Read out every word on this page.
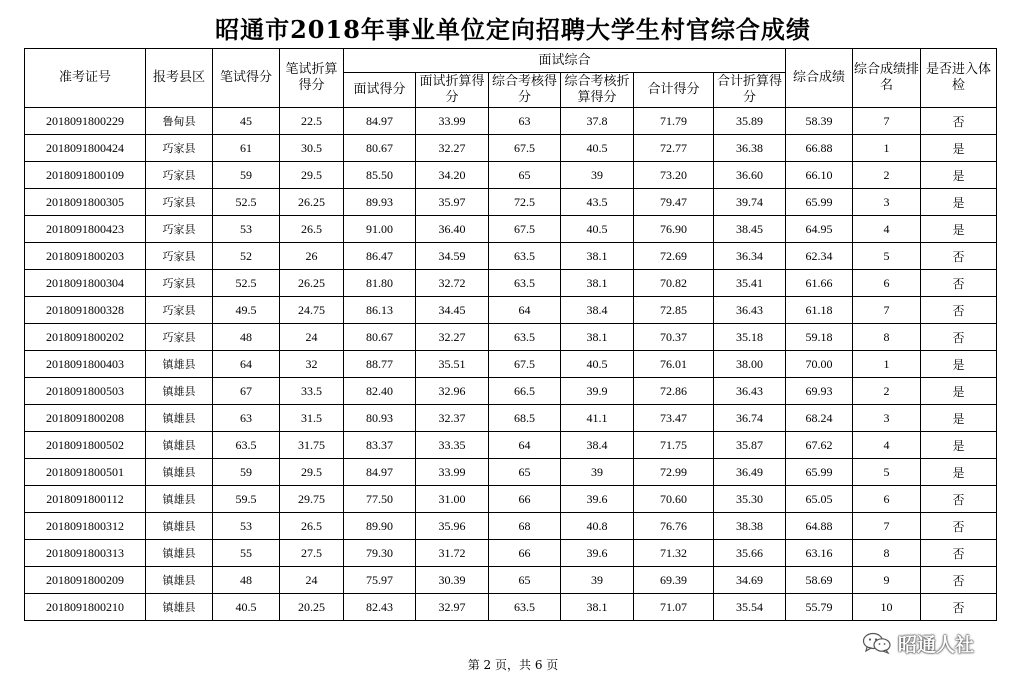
昭通市2018年事业单位定向招聘大学生村官综合成绩
准考证号	报考县区	笔试得分	笔试折算得分	面试综合						综合成绩	综合成绩排名	是否进入体检
				面试得分	面试折算得分	综合考核得分	综合考核折算得分	合计得分	合计折算得分			
2018091800229	鲁甸县	45	22.5	84.97	33.99	63	37.8	71.79	35.89	58.39	7	否
2018091800424	巧家县	61	30.5	80.67	32.27	67.5	40.5	72.77	36.38	66.88	1	是
2018091800109	巧家县	59	29.5	85.50	34.20	65	39	73.20	36.60	66.10	2	是
2018091800305	巧家县	52.5	26.25	89.93	35.97	72.5	43.5	79.47	39.74	65.99	3	是
2018091800423	巧家县	53	26.5	91.00	36.40	67.5	40.5	76.90	38.45	64.95	4	是
2018091800203	巧家县	52	26	86.47	34.59	63.5	38.1	72.69	36.34	62.34	5	否
2018091800304	巧家县	52.5	26.25	81.80	32.72	63.5	38.1	70.82	35.41	61.66	6	否
2018091800328	巧家县	49.5	24.75	86.13	34.45	64	38.4	72.85	36.43	61.18	7	否
2018091800202	巧家县	48	24	80.67	32.27	63.5	38.1	70.37	35.18	59.18	8	否
2018091800403	镇雄县	64	32	88.77	35.51	67.5	40.5	76.01	38.00	70.00	1	是
2018091800503	镇雄县	67	33.5	82.40	32.96	66.5	39.9	72.86	36.43	69.93	2	是
2018091800208	镇雄县	63	31.5	80.93	32.37	68.5	41.1	73.47	36.74	68.24	3	是
2018091800502	镇雄县	63.5	31.75	83.37	33.35	64	38.4	71.75	35.87	67.62	4	是
2018091800501	镇雄县	59	29.5	84.97	33.99	65	39	72.99	36.49	65.99	5	是
2018091800112	镇雄县	59.5	29.75	77.50	31.00	66	39.6	70.60	35.30	65.05	6	否
2018091800312	镇雄县	53	26.5	89.90	35.96	68	40.8	76.76	38.38	64.88	7	否
2018091800313	镇雄县	55	27.5	79.30	31.72	66	39.6	71.32	35.66	63.16	8	否
2018091800209	镇雄县	48	24	75.97	30.39	65	39	69.39	34.69	58.69	9	否
2018091800210	镇雄县	40.5	20.25	82.43	32.97	63.5	38.1	71.07	35.54	55.79	10	否
第 2 页，共 6 页
昭通人社
